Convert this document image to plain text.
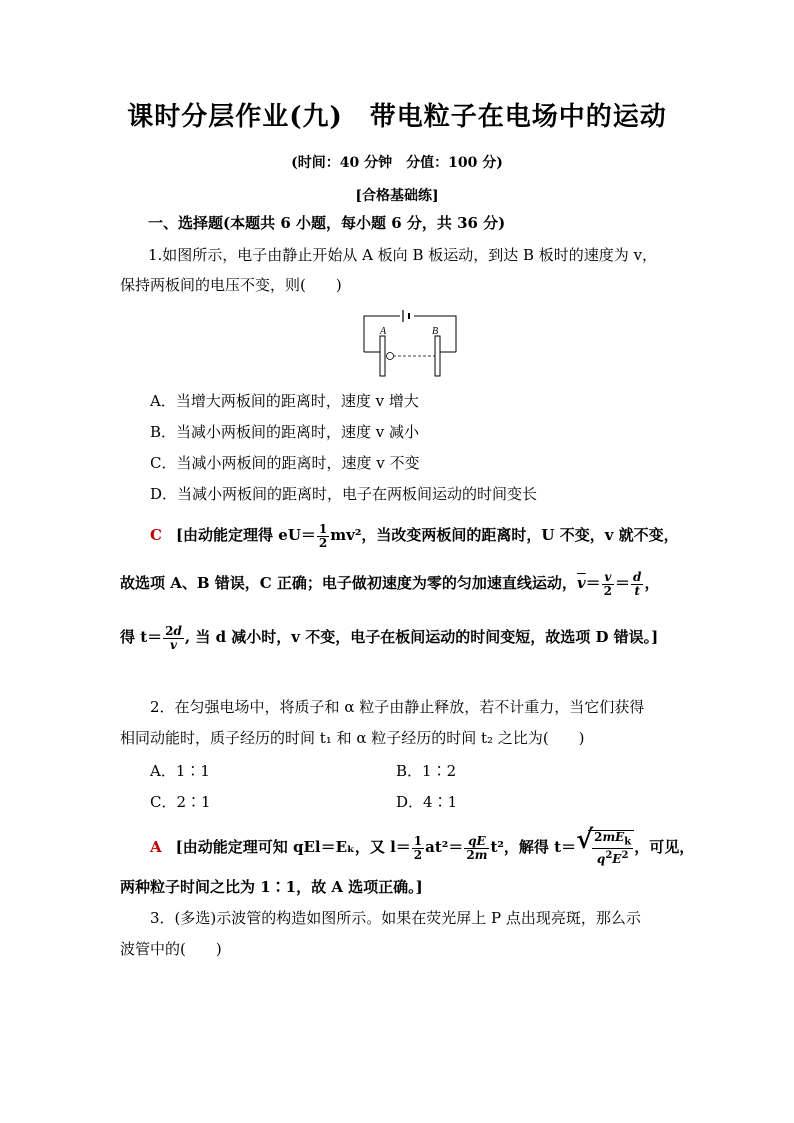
课时分层作业(九)　带电粒子在电场中的运动
(时间：40 分钟　分值：100 分)
[合格基础练]
一、选择题(本题共 6 小题，每小题 6 分，共 36 分)
1.如图所示，电子由静止开始从 A 板向 B 板运动，到达 B 板时的速度为 v，
保持两板间的电压不变，则(　　)
A	B
A．当增大两板间的距离时，速度 v 增大
B．当减小两板间的距离时，速度 v 减小
C．当减小两板间的距离时，速度 v 不变
D．当减小两板间的距离时，电子在两板间运动的时间变长
C [由动能定理得 $eU= \frac{1}{2} mv^2$，当改变两板间的距离时，U 不变，v 就不变，
故选项 A、B 错误，C 正确；电子做初速度为零的匀加速直线运动，$\overline{v}= \frac{v}{2} = \frac{d}{t}$ ，
得 $t= \frac{2d}{v}$ , 当 d 减小时，v 不变，电子在板间运动的时间变短，故选项 D 错误。]
2．在匀强电场中，将质子和 α 粒子由静止释放，若不计重力，当它们获得
相同动能时，质子经历的时间 t₁ 和 α 粒子经历的时间 t₂ 之比为(　　)
A．1∶1	B．1∶2
C．2∶1	D．4∶1
A [由动能定理可知 qEl＝Eₖ，又 $l= \frac{1}{2} at^2= \frac{qE}{2m} t^2$，解得 t＝ √ $\frac{2mE_k}{q^2E^2}$ ，可见，
两种粒子时间之比为 1∶1，故 A 选项正确。]
3．(多选)示波管的构造如图所示。如果在荧光屏上 P 点出现亮斑，那么示
波管中的(　　)
